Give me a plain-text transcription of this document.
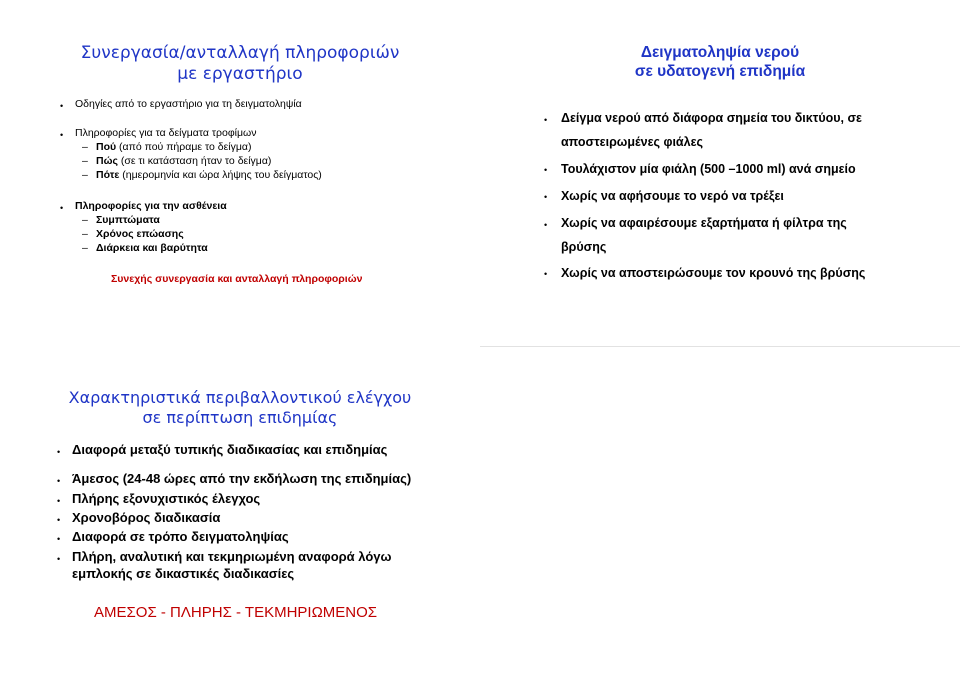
Συνεργασία/ανταλλαγή πληροφοριών
με εργαστήριο
• Οδηγίες από το εργαστήριο για τη δειγματοληψία
• Πληροφορίες για τα δείγματα τροφίμων
– Πού (από πού πήραμε το δείγμα)
– Πώς (σε τι κατάσταση ήταν το δείγμα)
– Πότε (ημερομηνία και ώρα λήψης του δείγματος)
• Πληροφορίες για την ασθένεια
– Συμπτώματα
– Χρόνος επώασης
– Διάρκεια και βαρύτητα
Συνεχής συνεργασία και ανταλλαγή πληροφοριών
Δειγματοληψία νερού
σε υδατογενή επιδημία
• Δείγμα νερού από διάφορα σημεία του δικτύου, σε
αποστειρωμένες φιάλες
• Τουλάχιστον μία φιάλη (500 –1000 ml) ανά σημείο
• Χωρίς να αφήσουμε το νερό να τρέξει
• Χωρίς να αφαιρέσουμε εξαρτήματα ή φίλτρα της
βρύσης
• Χωρίς να αποστειρώσουμε τον κρουνό της βρύσης
Χαρακτηριστικά περιβαλλοντικού ελέγχου
σε περίπτωση επιδημίας
• Διαφορά μεταξύ τυπικής διαδικασίας και επιδημίας
• Άμεσος (24-48 ώρες από την εκδήλωση της επιδημίας)
• Πλήρης εξονυχιστικός έλεγχος
• Χρονοβόρος διαδικασία
• Διαφορά σε τρόπο δειγματοληψίας
• Πλήρη, αναλυτική και τεκμηριωμένη αναφορά λόγω
εμπλοκής σε δικαστικές διαδικασίες
ΑΜΕΣΟΣ - ΠΛΗΡΗΣ - ΤΕΚΜΗΡΙΩΜΕΝΟΣ
